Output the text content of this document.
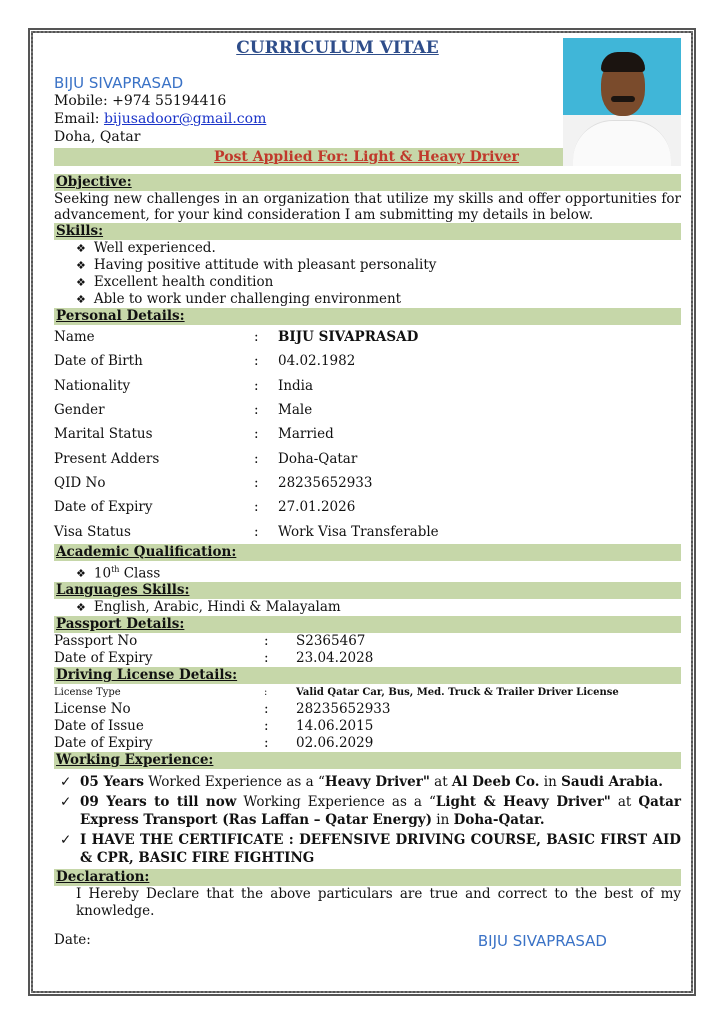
CURRICULUM VITAE
BIJU SIVAPRASAD
Mobile: +974 55194416
Email: bijusadoor@gmail.com
Doha, Qatar
Post Applied For: Light & Heavy Driver
Objective:
Seeking new challenges in an organization that utilize my skills and offer opportunities for advancement, for your kind consideration I am submitting my details in below.
Skills:
❖ Well experienced.
❖ Having positive attitude with pleasant personality
❖ Excellent health condition
❖ Able to work under challenging environment
Personal Details:
Name	:	BIJU SIVAPRASAD
Date of Birth	:	04.02.1982
Nationality	:	India
Gender	:	Male
Marital Status	:	Married
Present Adders	:	Doha-Qatar
QID No	:	28235652933
Date of Expiry	:	27.01.2026
Visa Status	:	Work Visa Transferable
Academic Qualification:
❖ 10th Class
Languages Skills:
❖ English, Arabic, Hindi & Malayalam
Passport Details:
Passport No	:	S2365467
Date of Expiry	:	23.04.2028
Driving License Details:
License Type	:	Valid Qatar Car, Bus, Med. Truck & Trailer Driver License
License No	:	28235652933
Date of Issue	:	14.06.2015
Date of Expiry	:	02.06.2029
Working Experience:
✓ 05 Years Worked Experience as a “Heavy Driver" at Al Deeb Co. in Saudi Arabia.
✓ 09 Years to till now Working Experience as a “Light & Heavy Driver" at Qatar Express Transport (Ras Laffan – Qatar Energy) in Doha-Qatar.
✓ I HAVE THE CERTIFICATE : DEFENSIVE DRIVING COURSE, BASIC FIRST AID & CPR, BASIC FIRE FIGHTING
Declaration:
I Hereby Declare that the above particulars are true and correct to the best of my knowledge.
Date:	BIJU SIVAPRASAD
